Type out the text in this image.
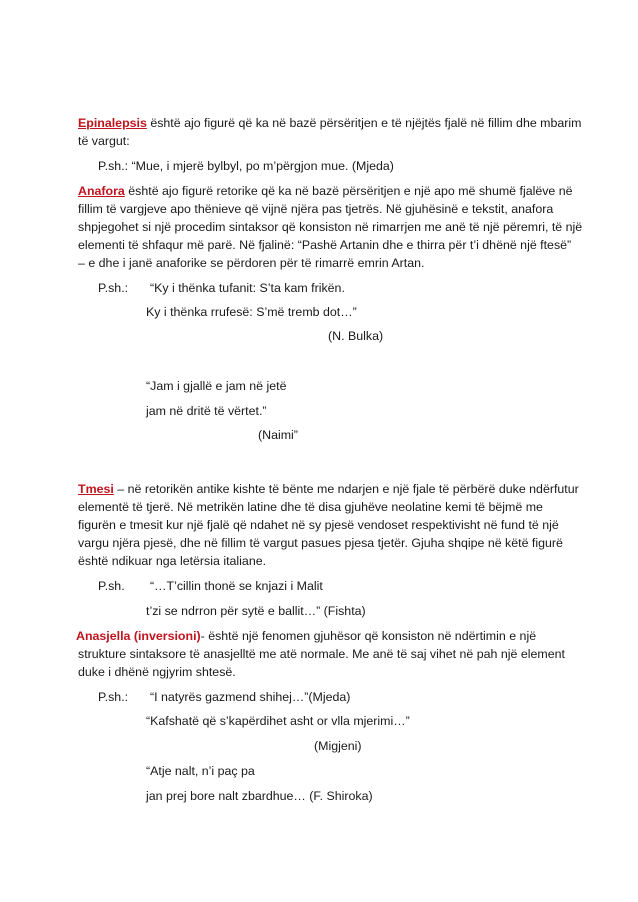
Epinalepsis është ajo figurë që ka në bazë përsëritjen e të njëjtës fjalë në fillim dhe mbarim
të vargut:
P.sh.: “Mue, i mjerë bylbyl, po m’përgjon mue. (Mjeda)
Anafora është ajo figurë retorike që ka në bazë përsëritjen e një apo më shumë fjalëve në
fillim të vargjeve apo thënieve që vijnë njëra pas tjetrës. Në gjuhësinë e tekstit, anafora
shpjegohet si një procedim sintaksor që konsiston në rimarrjen me anë të një përemri, të një
elementi të shfaqur më parë. Në fjalinë: “Pashë Artanin dhe e thirra për t’i dhënë një ftesë”
– e dhe i janë anaforike se përdoren për të rimarrë emrin Artan.
P.sh.: “Ky i thënka tufanit: S’ta kam frikën.
Ky i thënka rrufesë: S’më tremb dot…”
(N. Bulka)
“Jam i gjallë e jam në jetë
jam në dritë të vërtet.”
(Naimi”
Tmesi – në retorikën antike kishte të bënte me ndarjen e një fjale të përbërë duke ndërfutur
elementë të tjerë. Në metrikën latine dhe të disa gjuhëve neolatine kemi të bëjmë me
figurën e tmesit kur një fjalë që ndahet në sy pjesë vendoset respektivisht në fund të një
vargu njëra pjesë, dhe në fillim të vargut pasues pjesa tjetër. Gjuha shqipe në këtë figurë
është ndikuar nga letërsia italiane.
P.sh. “…T’cillin thonë se knjazi i Malit
t’zi se ndrron për sytë e ballit…” (Fishta)
Anasjella (inversioni)- është një fenomen gjuhësor që konsiston në ndërtimin e një
strukture sintaksore të anasjelltë me atë normale. Me anë të saj vihet në pah një element
duke i dhënë ngjyrim shtesë.
P.sh.: “I natyrës gazmend shihej…”(Mjeda)
“Kafshatë që s’kapërdihet asht or vlla mjerimi…”
(Migjeni)
“Atje nalt, n’i paç pa
jan prej bore nalt zbardhue… (F. Shiroka)
